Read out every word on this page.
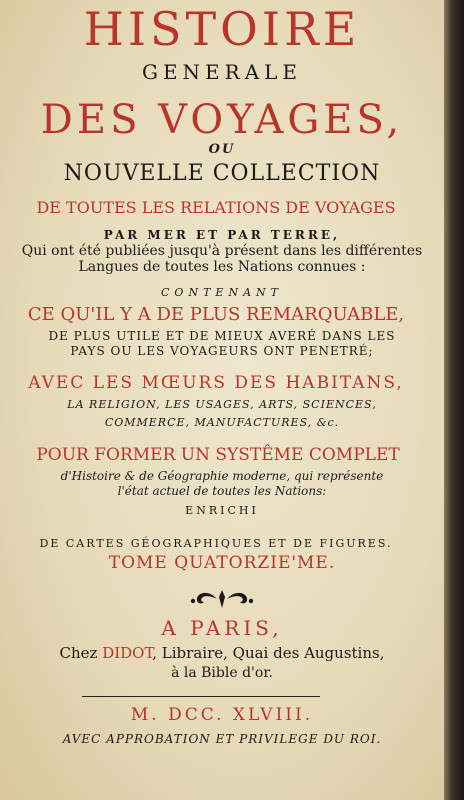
HISTOIRE
GENERALE
DES VOYAGES,
OU
NOUVELLE COLLECTION
DE TOUTES LES RELATIONS DE VOYAGES
PAR MER ET PAR TERRE,
Qui ont été publiées jusqu'à présent dans les différentes
Langues de toutes les Nations connues :
CONTENANT
CE QU'IL Y A DE PLUS REMARQUABLE,
DE PLUS UTILE ET DE MIEUX AVERÉ DANS LES
PAYS OU LES VOYAGEURS ONT PENETRÉ;
AVEC LES MŒURS DES HABITANS,
LA RELIGION, LES USAGES, ARTS, SCIENCES,
COMMERCE, MANUFACTURES, &c.
POUR FORMER UN SYSTÊME COMPLET
d'Histoire & de Géographie moderne, qui représente
l'état actuel de toutes les Nations:
ENRICHI
DE CARTES GÉOGRAPHIQUES ET DE FIGURES.
TOME QUATORZIE'ME.
A PARIS,
Chez DIDOT, Libraire, Quai des Augustins,
à la Bible d'or.
M. DCC. XLVIII.
AVEC APPROBATION ET PRIVILEGE DU ROI.
